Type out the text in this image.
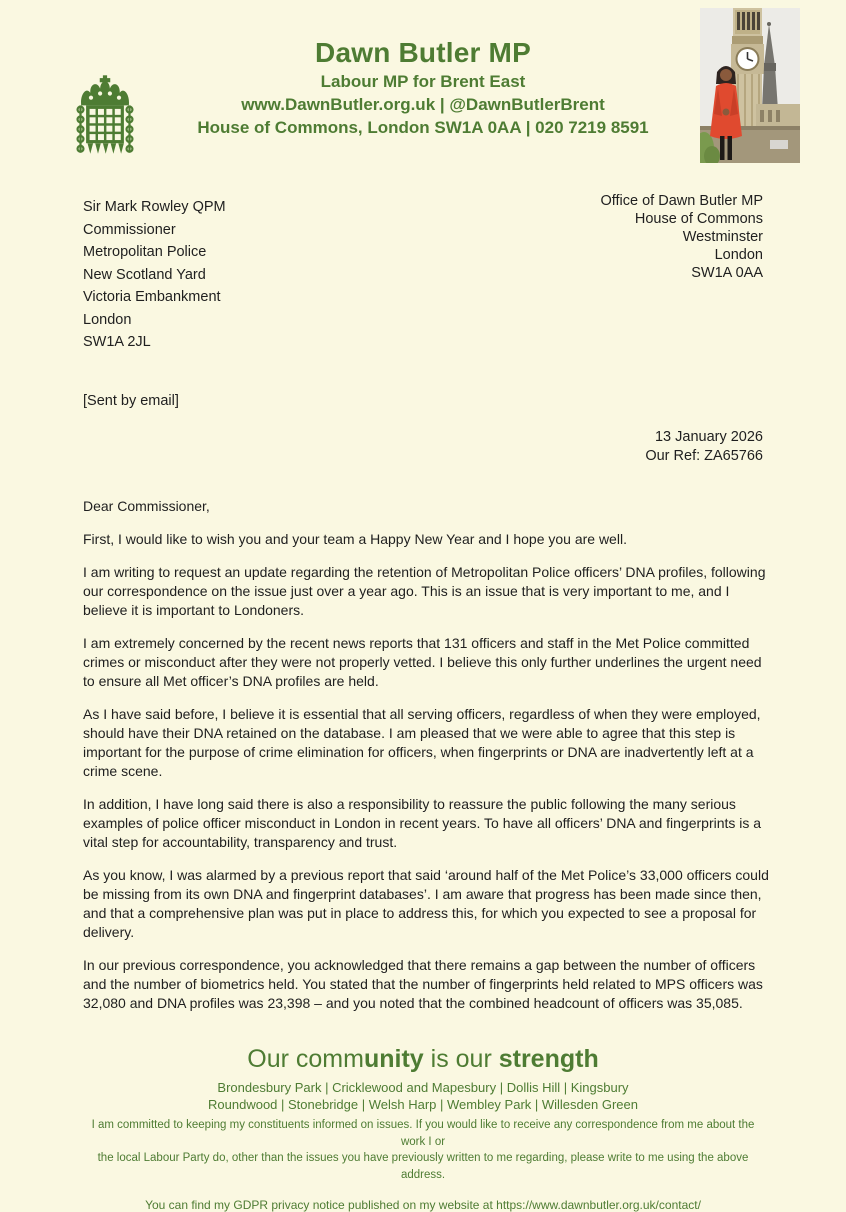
Dawn Butler MP
Labour MP for Brent East
www.DawnButler.org.uk | @DawnButlerBrent
House of Commons, London SW1A 0AA | 020 7219 8591
Sir Mark Rowley QPM
Commissioner
Metropolitan Police
New Scotland Yard
Victoria Embankment
London
SW1A 2JL
Office of Dawn Butler MP
House of Commons
Westminster
London
SW1A 0AA
[Sent by email]
13 January 2026
Our Ref: ZA65766

Dear Commissioner,

First, I would like to wish you and your team a Happy New Year and I hope you are well.

I am writing to request an update regarding the retention of Metropolitan Police officers’ DNA profiles, following our correspondence on the issue just over a year ago. This is an issue that is very important to me, and I believe it is important to Londoners.

I am extremely concerned by the recent news reports that 131 officers and staff in the Met Police committed crimes or misconduct after they were not properly vetted. I believe this only further underlines the urgent need to ensure all Met officer’s DNA profiles are held.

As I have said before, I believe it is essential that all serving officers, regardless of when they were employed, should have their DNA retained on the database. I am pleased that we were able to agree that this step is important for the purpose of crime elimination for officers, when fingerprints or DNA are inadvertently left at a crime scene.

In addition, I have long said there is also a responsibility to reassure the public following the many serious examples of police officer misconduct in London in recent years. To have all officers’ DNA and fingerprints is a vital step for accountability, transparency and trust.

As you know, I was alarmed by a previous report that said ‘around half of the Met Police’s 33,000 officers could be missing from its own DNA and fingerprint databases’. I am aware that progress has been made since then, and that a comprehensive plan was put in place to address this, for which you expected to see a proposal for delivery.

In our previous correspondence, you acknowledged that there remains a gap between the number of officers and the number of biometrics held. You stated that the number of fingerprints held related to MPS officers was 32,080 and DNA profiles was 23,398 – and you noted that the combined headcount of officers was 35,085.

Our community is our strength
Brondesbury Park | Cricklewood and Mapesbury | Dollis Hill | Kingsbury
Roundwood | Stonebridge | Welsh Harp | Wembley Park | Willesden Green
I am committed to keeping my constituents informed on issues. If you would like to receive any correspondence from me about the work I or
the local Labour Party do, other than the issues you have previously written to me regarding, please write to me using the above address.
You can find my GDPR privacy notice published on my website at https://www.dawnbutler.org.uk/contact/
